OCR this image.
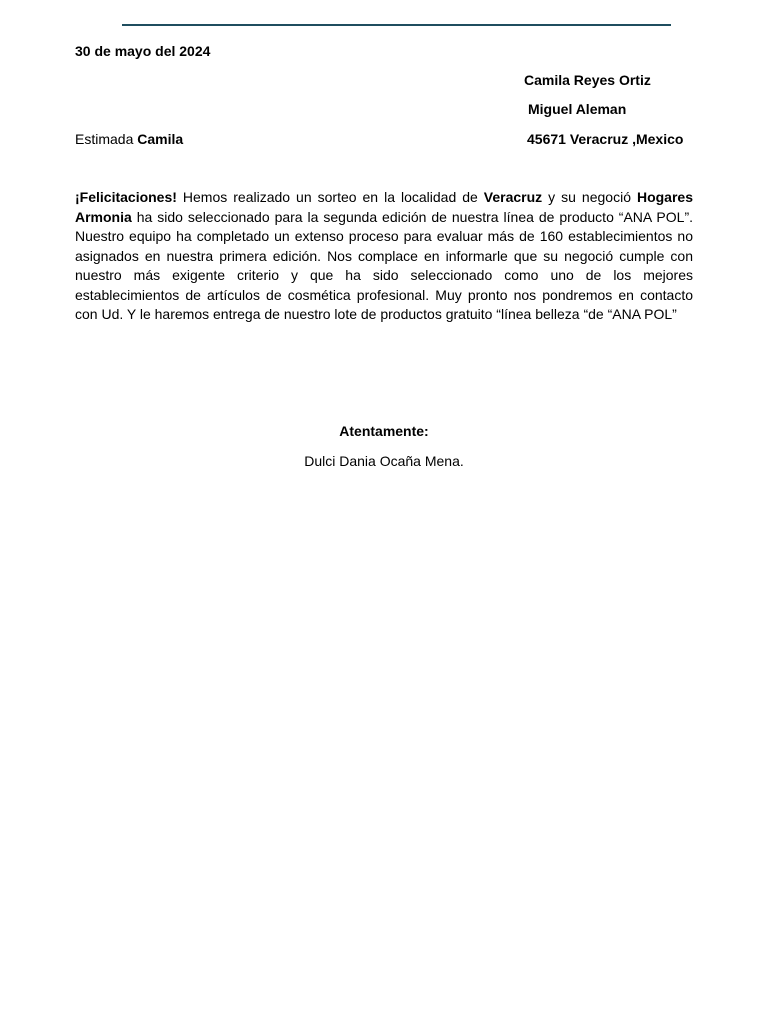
30 de mayo del 2024
Camila Reyes Ortiz
Miguel Aleman
45671 Veracruz ,Mexico
Estimada Camila
¡Felicitaciones! Hemos realizado un sorteo en la localidad de Veracruz y su negoció Hogares Armonia ha sido seleccionado para la segunda edición de nuestra línea de producto “ANA POL”. Nuestro equipo ha completado un extenso proceso para evaluar más de 160 establecimientos no asignados en nuestra primera edición. Nos complace en informarle que su negoció cumple con nuestro más exigente criterio y que ha sido seleccionado como uno de los mejores establecimientos de artículos de cosmética profesional. Muy pronto nos pondremos en contacto con Ud. Y le haremos entrega de nuestro lote de productos gratuito “línea belleza “de “ANA POL”
Atentamente:
Dulci Dania Ocaña Mena.
